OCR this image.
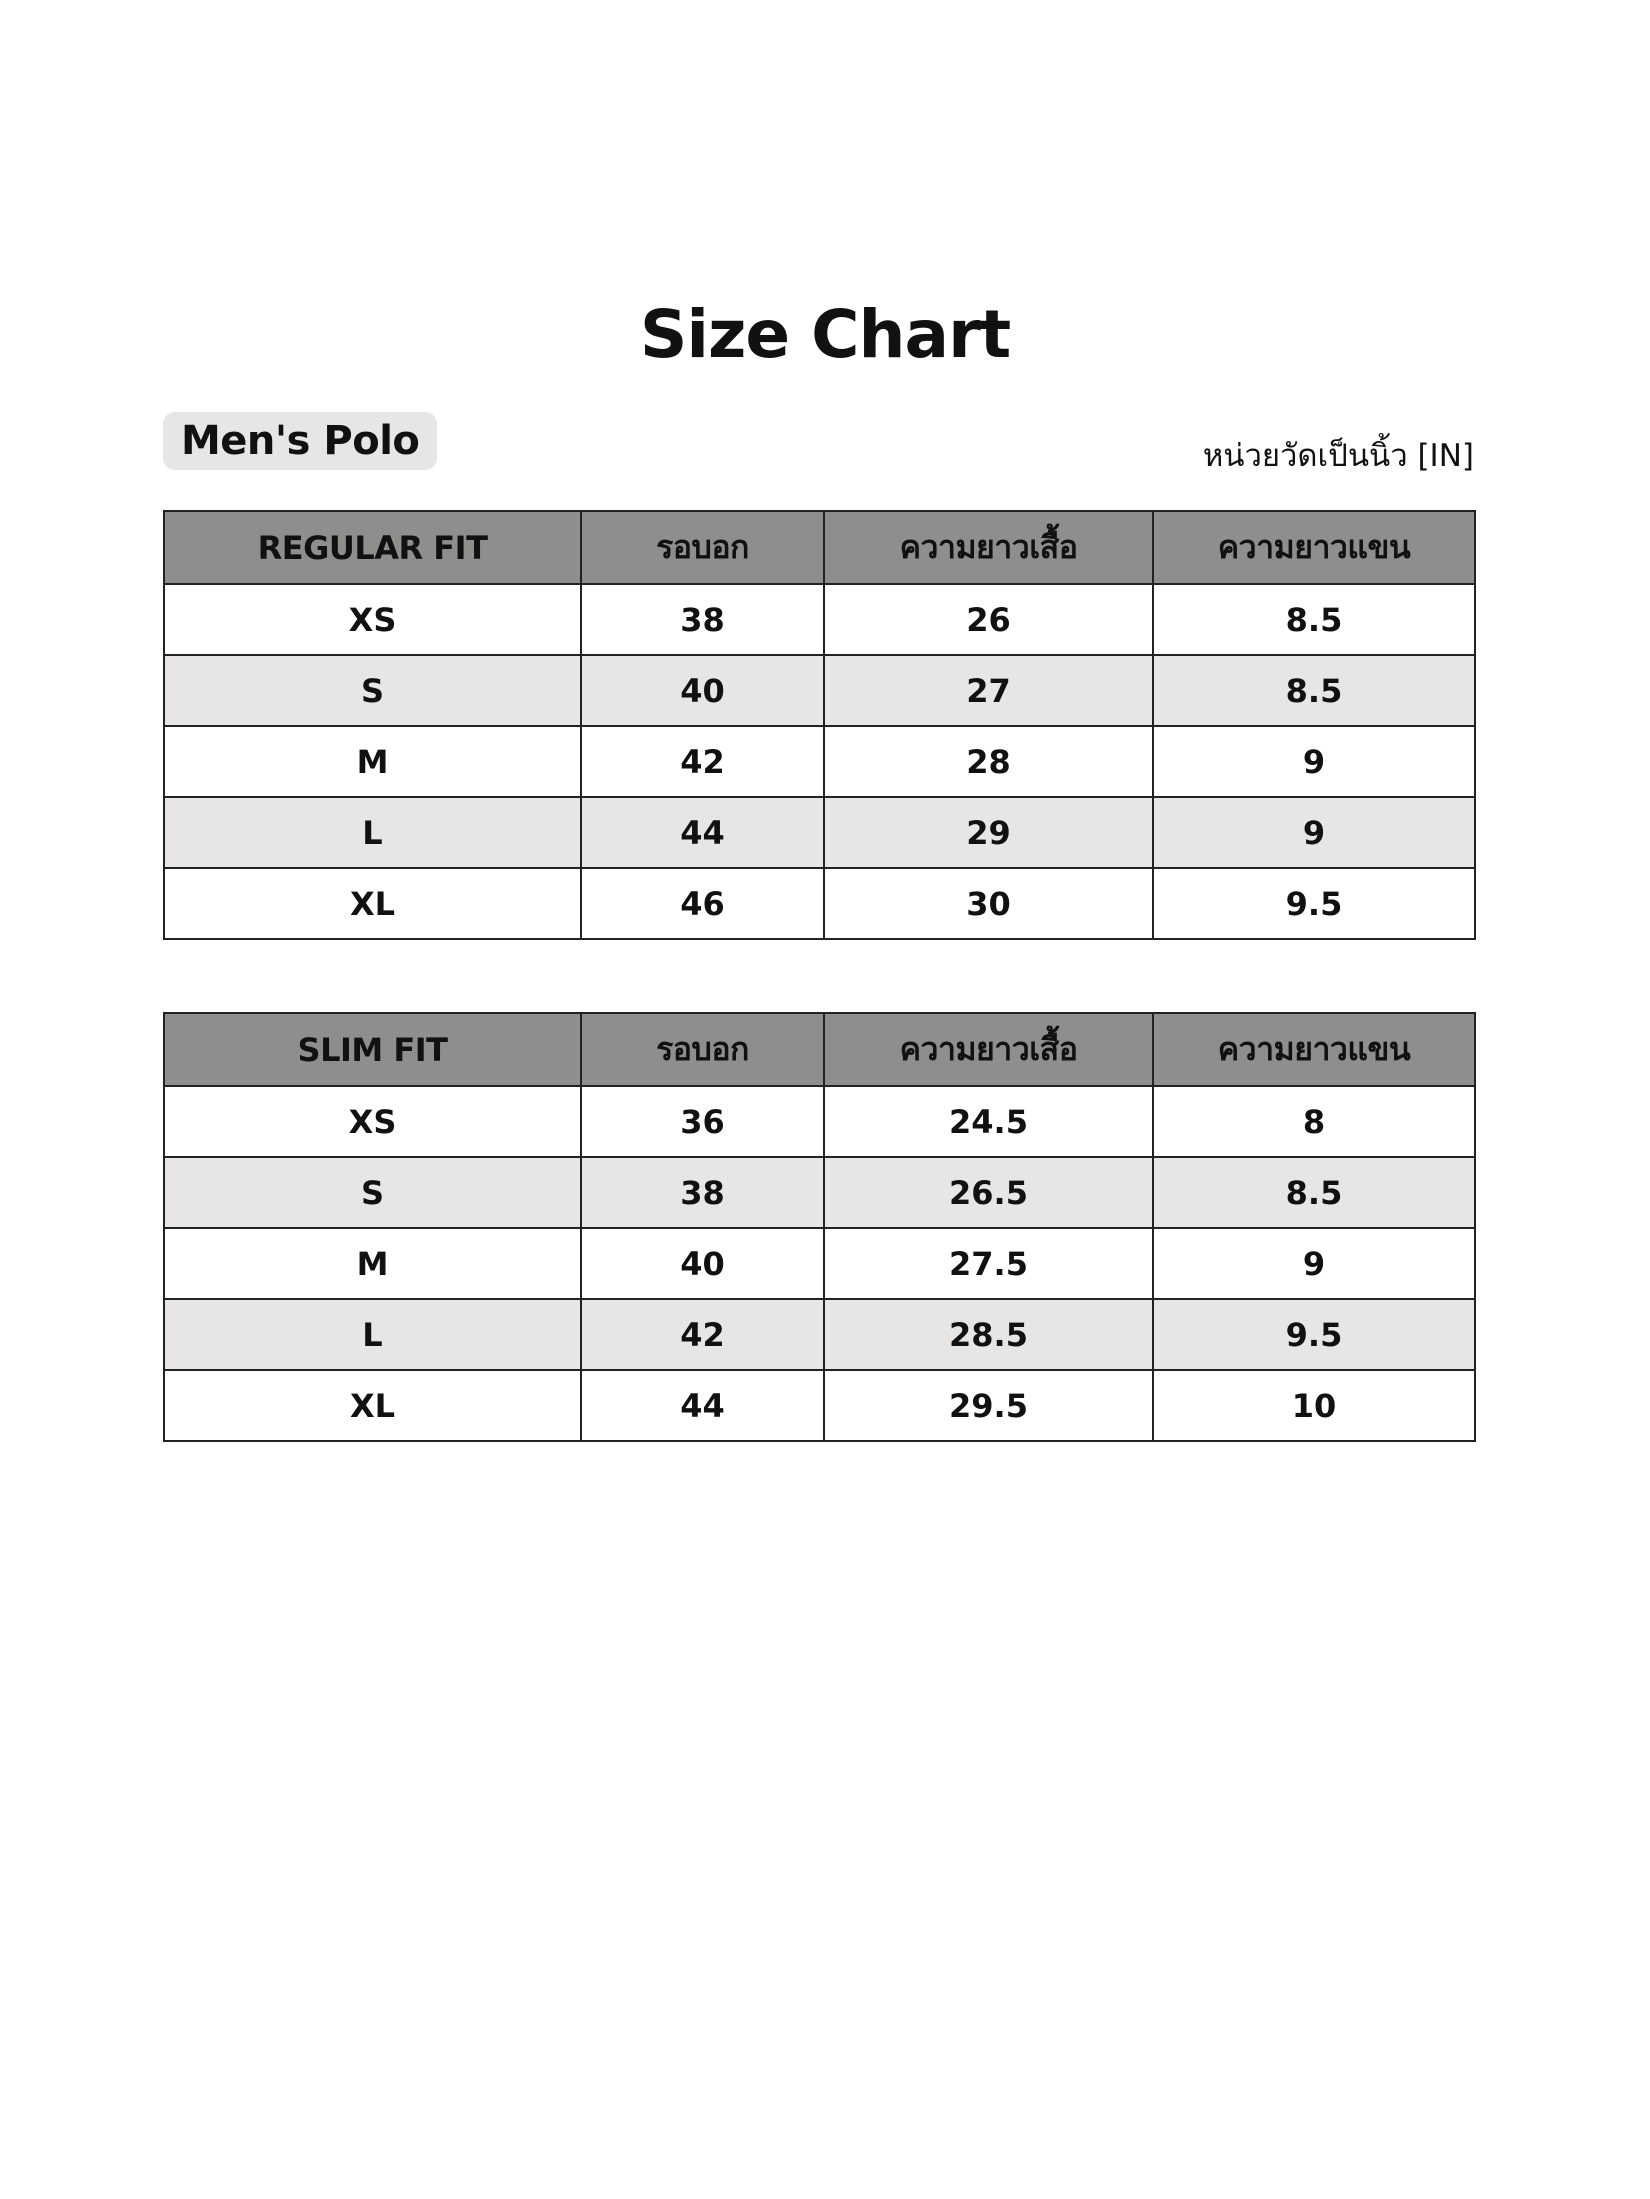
Size Chart
Men's Polo	หน่วยวัดเป็นนิ้ว [IN]
REGULAR FIT	รอบอก	ความยาวเสื้อ	ความยาวแขน
XS	38	26	8.5
S	40	27	8.5
M	42	28	9
L	44	29	9
XL	46	30	9.5
SLIM FIT	รอบอก	ความยาวเสื้อ	ความยาวแขน
XS	36	24.5	8
S	38	26.5	8.5
M	40	27.5	9
L	42	28.5	9.5
XL	44	29.5	10
